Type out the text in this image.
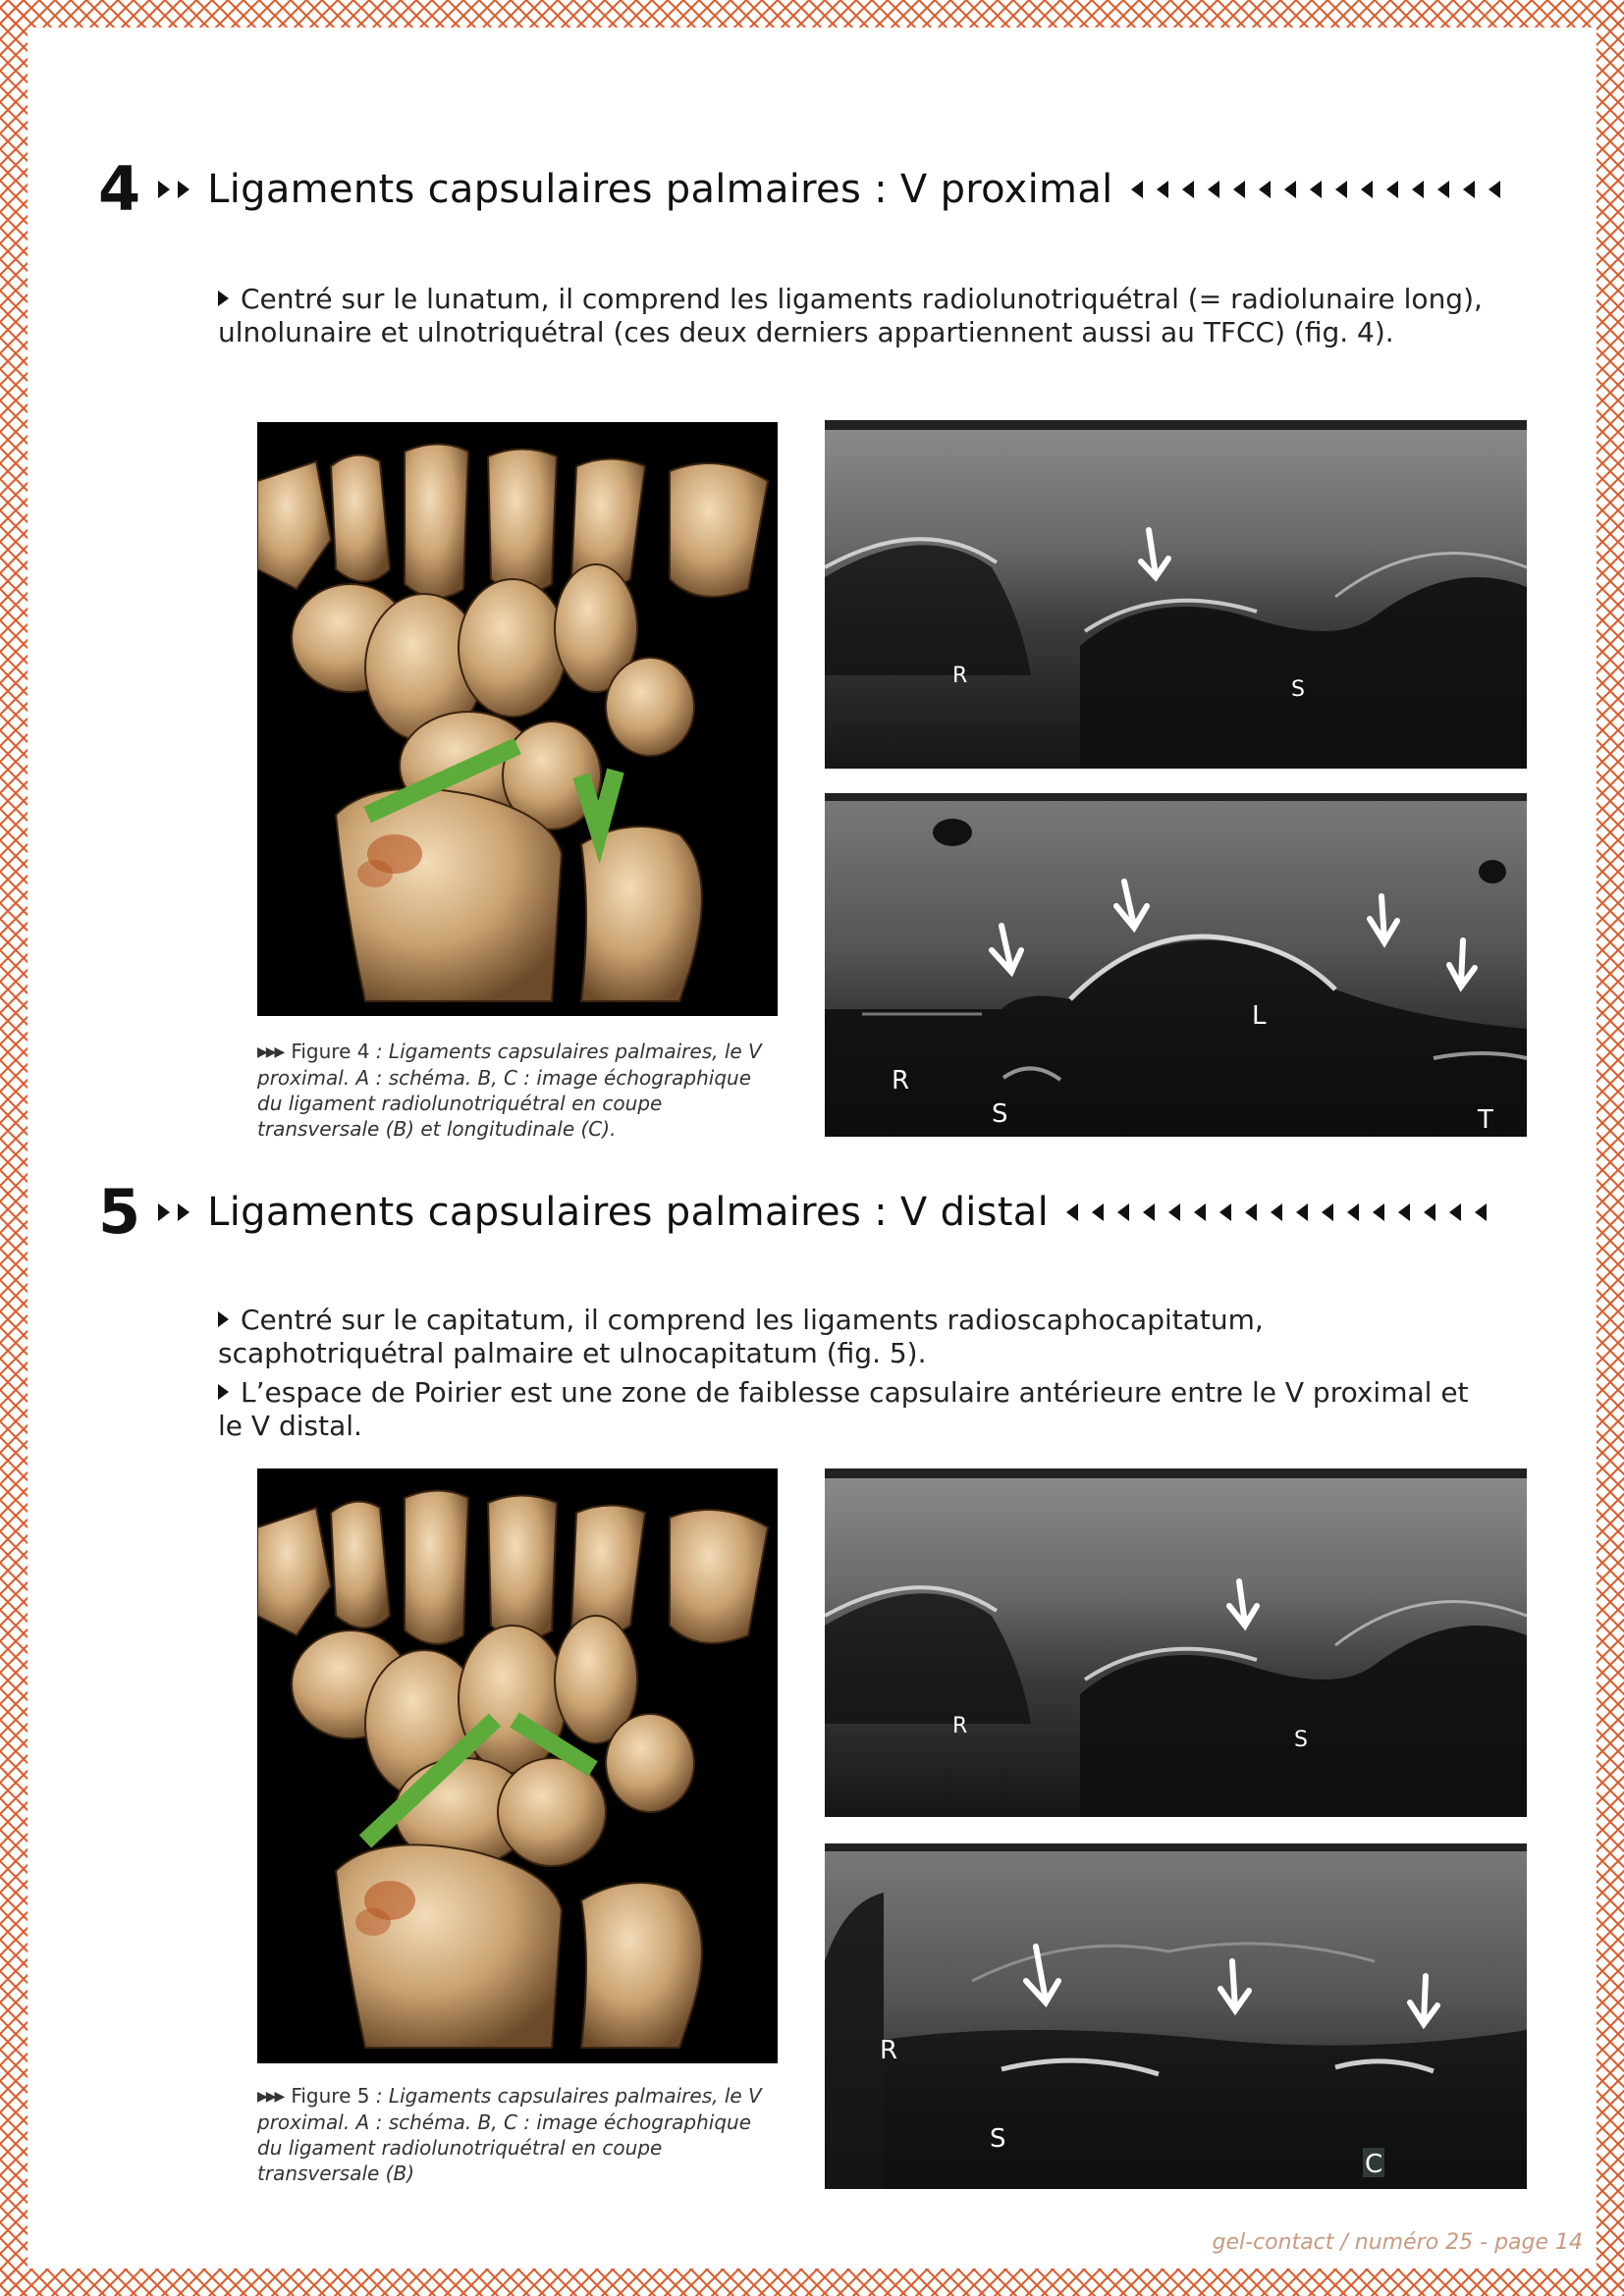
4 Ligaments capsulaires palmaires : V proximal
Centré sur le lunatum, il comprend les ligaments radiolunotriquétral (= radiolunaire long), ulnolunaire et ulnotriquétral (ces deux derniers appartiennent aussi au TFCC) (fig. 4).
R
S
R
S
L
T
▶▶▶ Figure 4 : Ligaments capsulaires palmaires, le V proximal. A : schéma. B, C : image échographique du ligament radiolunotriquétral en coupe transversale (B) et longitudinale (C).
5 Ligaments capsulaires palmaires : V distal
Centré sur le capitatum, il comprend les ligaments radioscaphocapitatum, scaphotriquétral palmaire et ulnocapitatum (fig. 5).
L’espace de Poirier est une zone de faiblesse capsulaire antérieure entre le V proximal et le V distal.
R
S
R
S
C
▶▶▶ Figure 5 : Ligaments capsulaires palmaires, le V proximal. A : schéma. B, C : image échographique du ligament radiolunotriquétral en coupe transversale (B)
gel-contact / numéro 25 - page 14
